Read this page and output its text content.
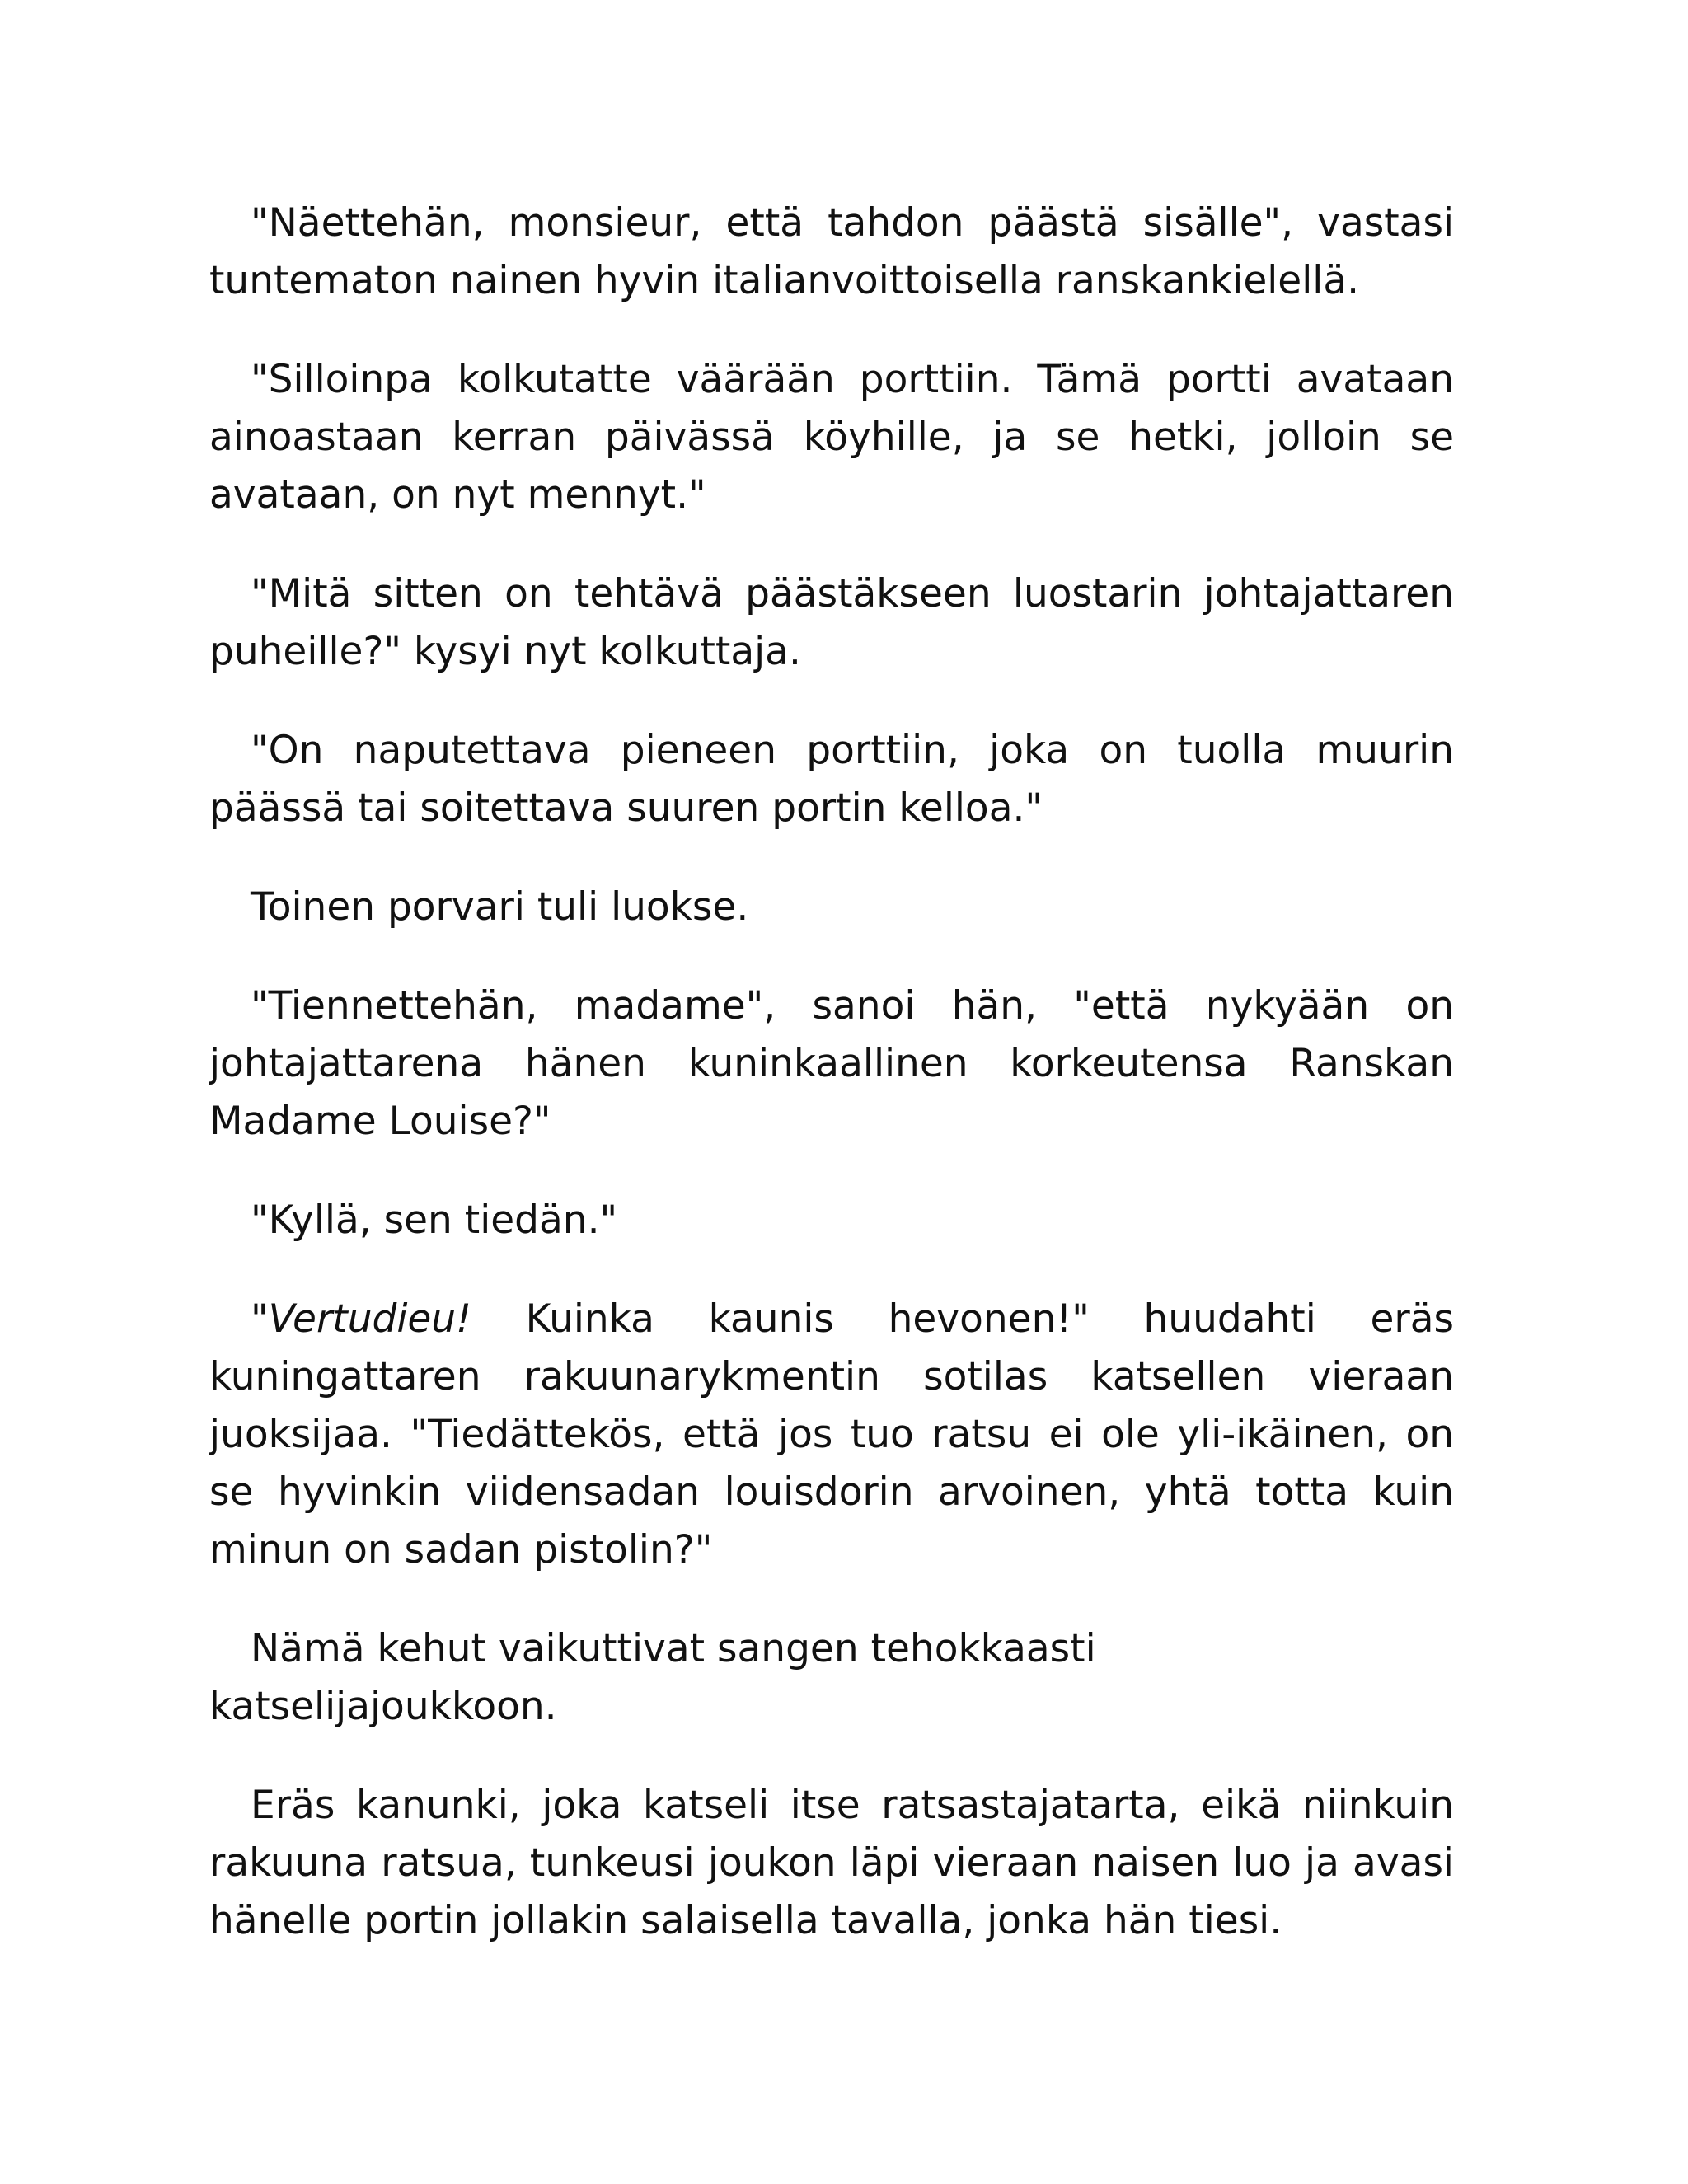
"Näettehän, monsieur, että tahdon päästä sisälle", vastasi tuntematon nainen hyvin italianvoittoisella ranskankielellä.

"Silloinpa kolkutatte väärään porttiin. Tämä portti avataan ainoastaan kerran päivässä köyhille, ja se hetki, jolloin se avataan, on nyt mennyt."

"Mitä sitten on tehtävä päästäkseen luostarin johtajattaren puheille?" kysyi nyt kolkuttaja.

"On naputettava pieneen porttiin, joka on tuolla muurin päässä tai soitettava suuren portin kelloa."

Toinen porvari tuli luokse.

"Tiennettehän, madame", sanoi hän, "että nykyään on johtajattarena hänen kuninkaallinen korkeutensa Ranskan Madame Louise?"

"Kyllä, sen tiedän."

"Vertudieu! Kuinka kaunis hevonen!" huudahti eräs kuningattaren rakuunarykmentin sotilas katsellen vieraan juoksijaa. "Tiedättekös, että jos tuo ratsu ei ole yli-ikäinen, on se hyvinkin viidensadan louisdorin arvoinen, yhtä totta kuin minun on sadan pistolin?"

Nämä kehut vaikuttivat sangen tehokkaasti katselijajoukkoon.

Eräs kanunki, joka katseli itse ratsastajatarta, eikä niinkuin rakuuna ratsua, tunkeusi joukon läpi vieraan naisen luo ja avasi hänelle portin jollakin salaisella tavalla, jonka hän tiesi.
